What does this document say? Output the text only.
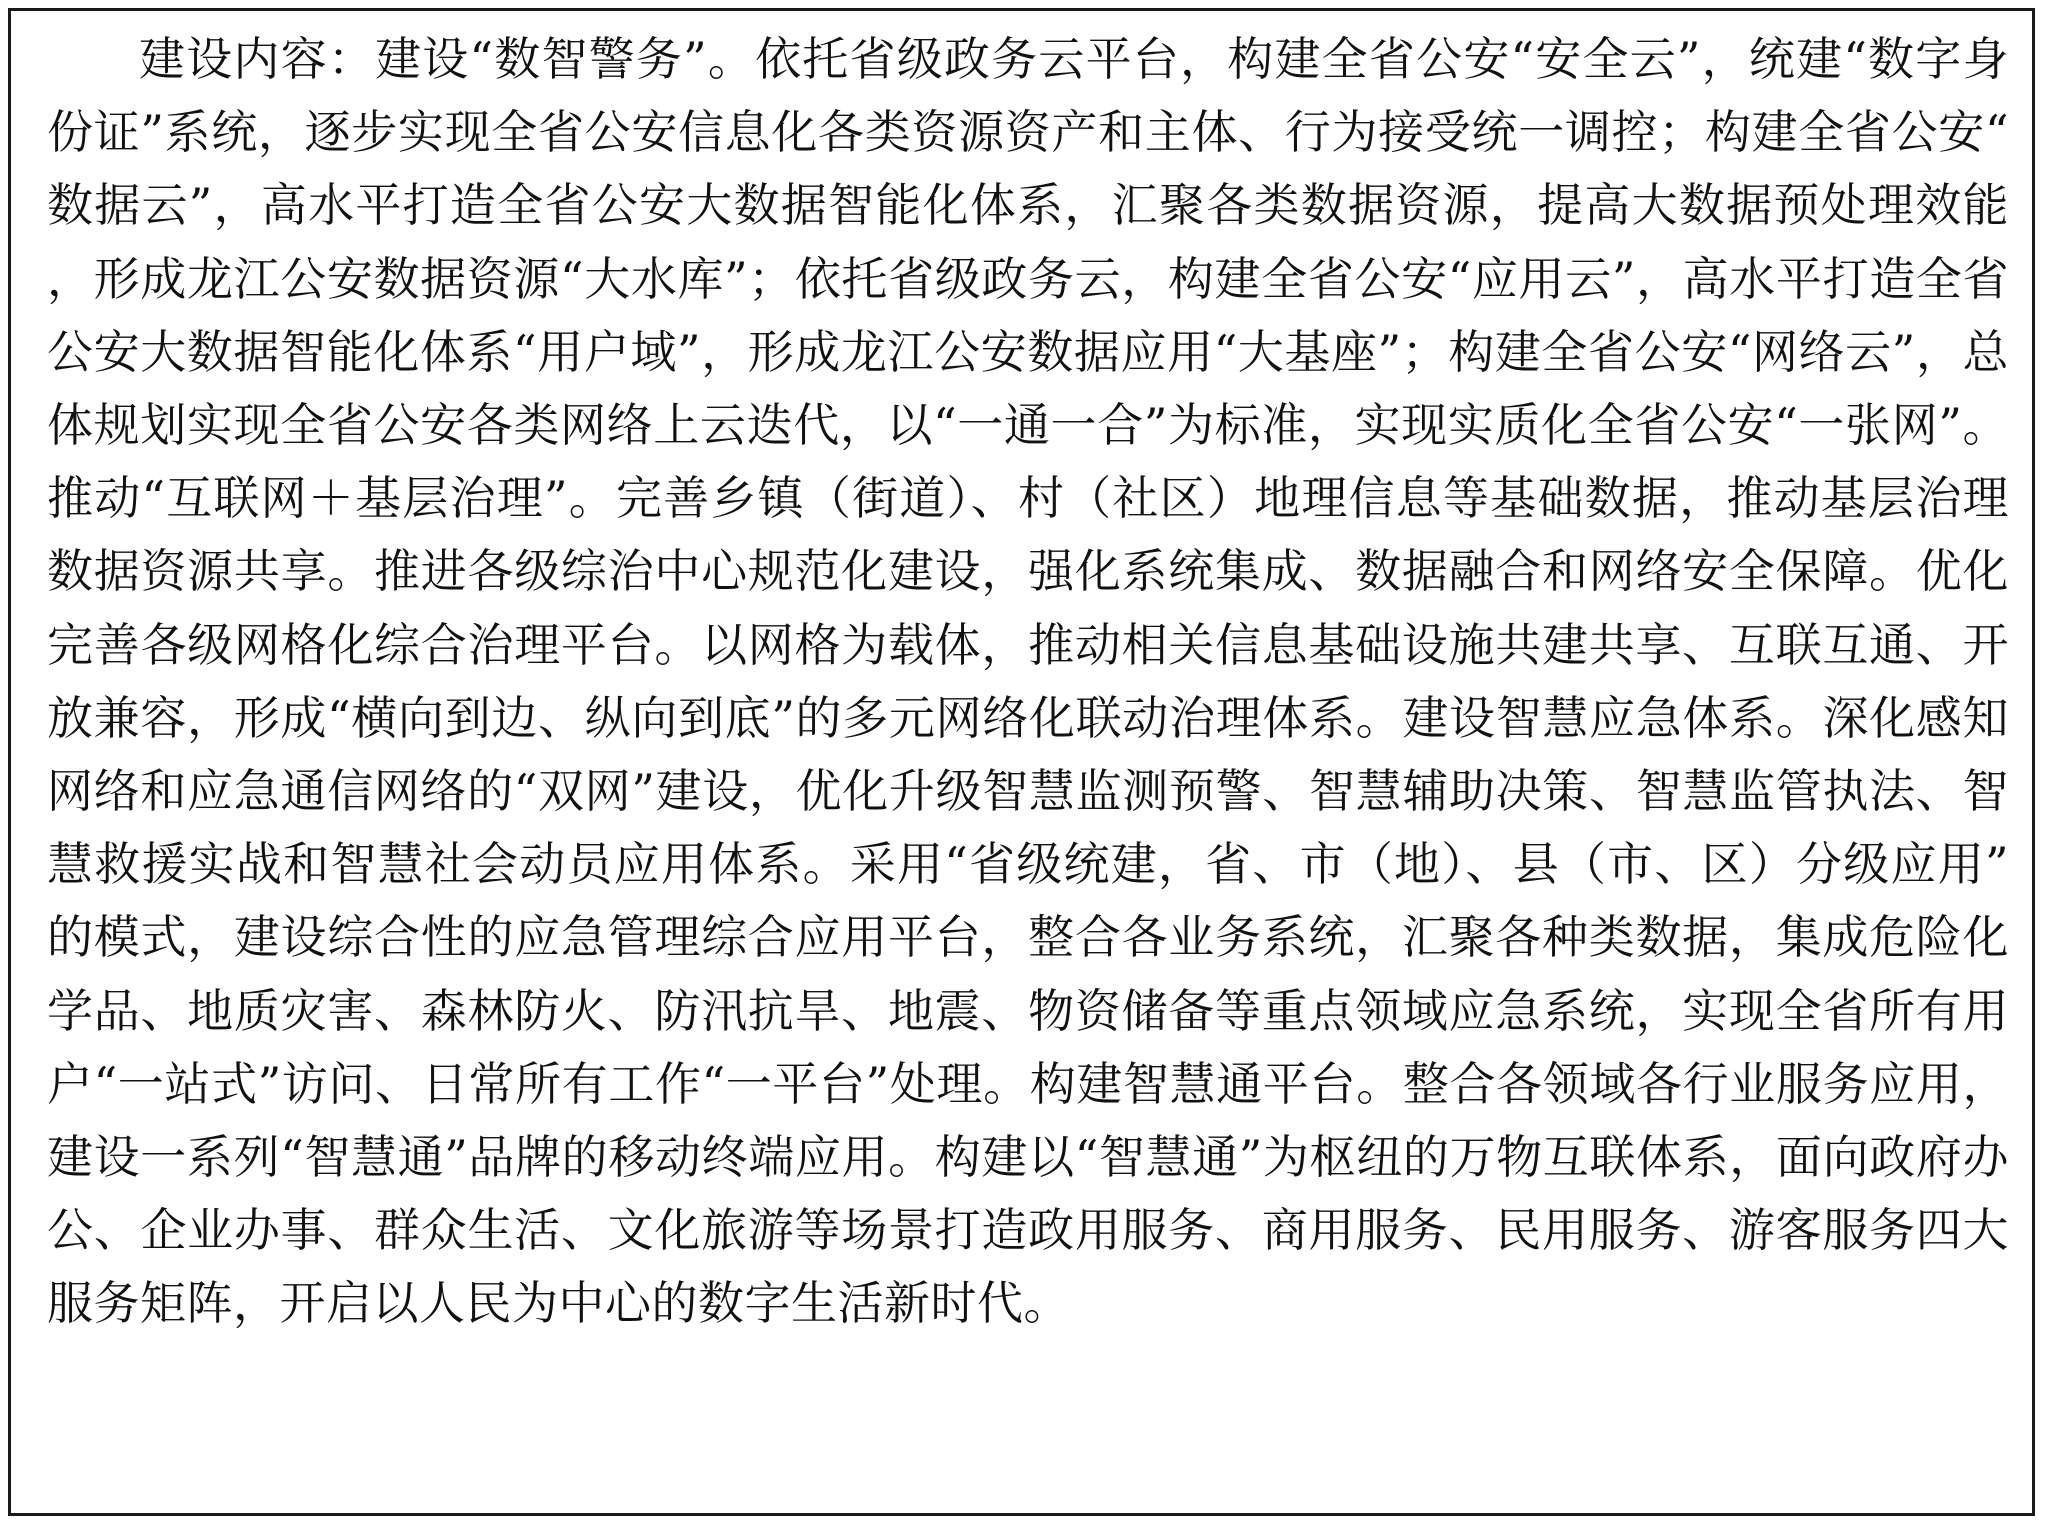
建设内容：建设“数智警务”。依托省级政务云平台，构建全省公安“安全云”，统建“数字身份证”系统，逐步实现全省公安信息化各类资源资产和主体、行为接受统一调控；构建全省公安“数据云”，高水平打造全省公安大数据智能化体系，汇聚各类数据资源，提高大数据预处理效能，形成龙江公安数据资源“大水库”；依托省级政务云，构建全省公安“应用云”，高水平打造全省公安大数据智能化体系“用户域”，形成龙江公安数据应用“大基座”；构建全省公安“网络云”，总体规划实现全省公安各类网络上云迭代，以“一通一合”为标准，实现实质化全省公安“一张网”。推动“互联网＋基层治理”。完善乡镇（街道）、村（社区）地理信息等基础数据，推动基层治理数据资源共享。推进各级综治中心规范化建设，强化系统集成、数据融合和网络安全保障。优化完善各级网格化综合治理平台。以网格为载体，推动相关信息基础设施共建共享、互联互通、开放兼容，形成“横向到边、纵向到底”的多元网络化联动治理体系。建设智慧应急体系。深化感知网络和应急通信网络的“双网”建设，优化升级智慧监测预警、智慧辅助决策、智慧监管执法、智慧救援实战和智慧社会动员应用体系。采用“省级统建，省、市（地）、县（市、区）分级应用”的模式，建设综合性的应急管理综合应用平台，整合各业务系统，汇聚各种类数据，集成危险化学品、地质灾害、森林防火、防汛抗旱、地震、物资储备等重点领域应急系统，实现全省所有用户“一站式”访问、日常所有工作“一平台”处理。构建智慧通平台。整合各领域各行业服务应用，建设一系列“智慧通”品牌的移动终端应用。构建以“智慧通”为枢纽的万物互联体系，面向政府办公、企业办事、群众生活、文化旅游等场景打造政用服务、商用服务、民用服务、游客服务四大服务矩阵，开启以人民为中心的数字生活新时代。
